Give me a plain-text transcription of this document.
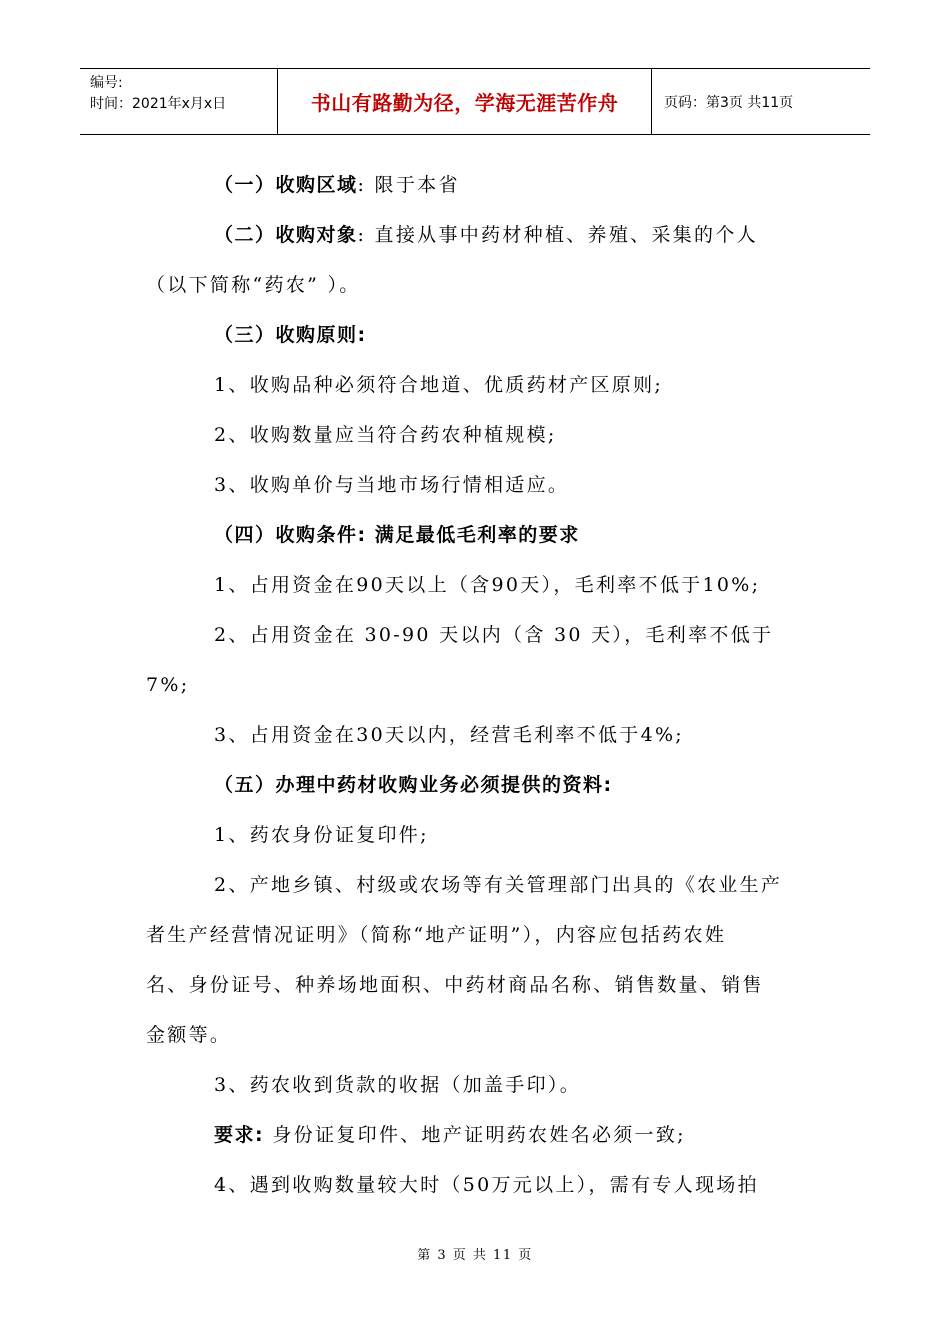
编号:
时间：2021年x月x日	书山有路勤为径，学海无涯苦作舟	页码：第3页 共11页
（一）收购区域: 限于本省
（二）收购对象: 直接从事中药材种植、养殖、采集的个人
（以下简称“药农” ）。
（三）收购原则:
1、收购品种必须符合地道、优质药材产区原则;
2、收购数量应当符合药农种植规模;
3、收购单价与当地市场行情相适应。
（四）收购条件: 满足最低毛利率的要求
1、占用资金在90天以上（含90天），毛利率不低于10%;
2、占用资金在 30-90 天以内（含 30 天），毛利率不低于
7%;
3、占用资金在30天以内，经营毛利率不低于4%;
（五）办理中药材收购业务必须提供的资料:
1、药农身份证复印件;
2、产地乡镇、村级或农场等有关管理部门出具的《农业生产
者生产经营情况证明》（简称“地产证明”），内容应包括药农姓
名、身份证号、种养场地面积、中药材商品名称、销售数量、销售
金额等。
3、药农收到货款的收据（加盖手印）。
要求: 身份证复印件、地产证明药农姓名必须一致;
4、遇到收购数量较大时（50万元以上），需有专人现场拍
第 3 页 共 11 页
